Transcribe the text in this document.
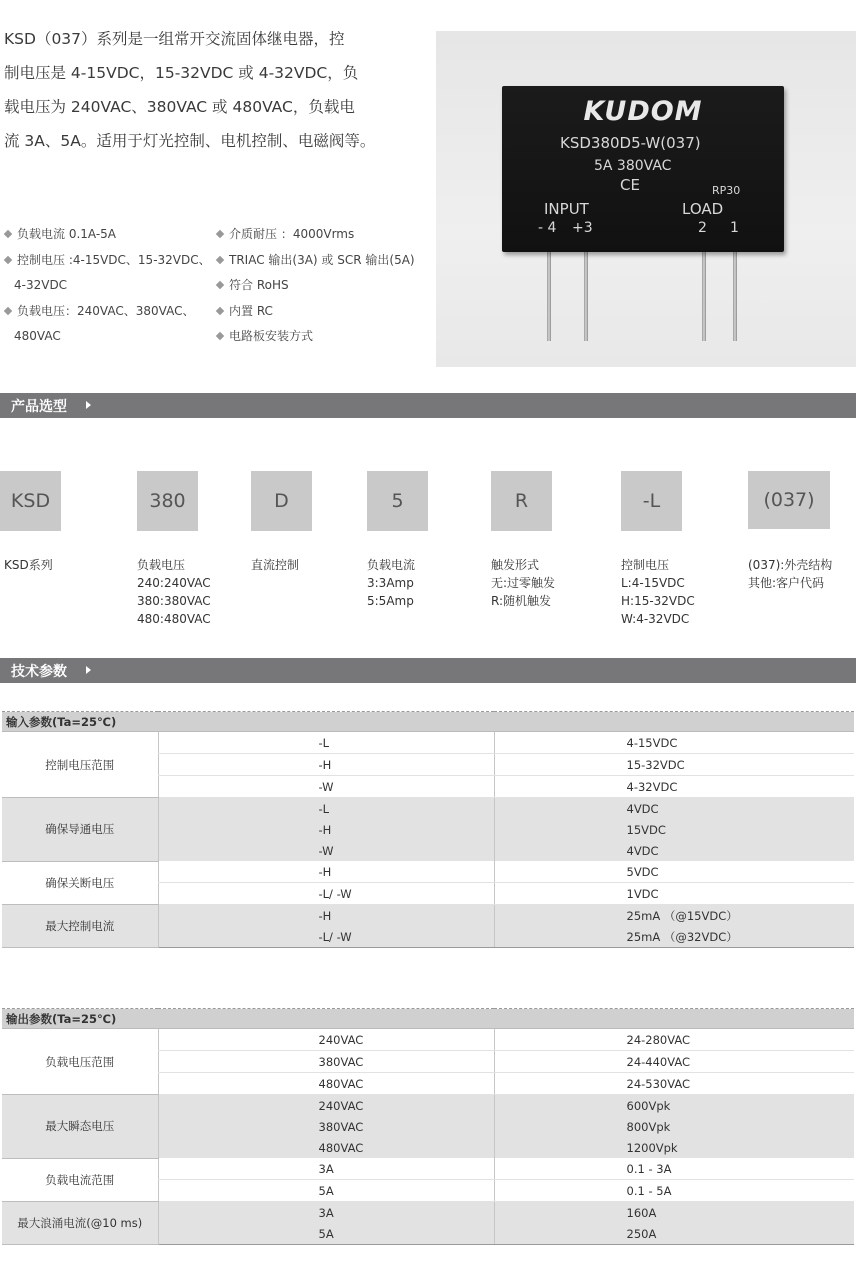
KSD（037）系列是一组常开交流固体继电器，控
制电压是 4-15VDC，15-32VDC 或 4-32VDC，负
载电压为 240VAC、380VAC 或 480VAC，负载电
流 3A、5A。适用于灯光控制、电机控制、电磁阀等。
负载电流 0.1A-5A
控制电压 :4-15VDC、15-32VDC、
4-32VDC
负载电压：240VAC、380VAC、
480VAC
介质耐压 ：4000Vrms
TRIAC 输出(3A) 或 SCR 输出(5A)
符合 RoHS
内置 RC
电路板安装方式
KUDOM
KSD380D5-W(037)
5A 380VAC
CE	RP30
INPUT	LOAD
- 4 +3	2 1
产品选型
KSD	380	D	5	R	-L	(037)
KSD系列	负载电压
240:240VAC
380:380VAC
480:480VAC
直流控制	负载电流
3:3Amp
5:5Amp
触发形式
无:过零触发
R:随机触发
控制电压
L:4-15VDC
H:15-32VDC
W:4-32VDC
(037):外壳结构
其他:客户代码
技术参数
输入参数(Ta=25℃)		
控制电压范围	-L	4-15VDC
	-H	15-32VDC
	-W	4-32VDC
确保导通电压	-L	4VDC
	-H	15VDC
	-W	4VDC
确保关断电压	-H	5VDC
	-L/ -W	1VDC
最大控制电流	-H	25mA （@15VDC）
	-L/ -W	25mA （@32VDC）
输出参数(Ta=25℃)		
负载电压范围	240VAC	24-280VAC
	380VAC	24-440VAC
	480VAC	24-530VAC
最大瞬态电压	240VAC	600Vpk
	380VAC	800Vpk
	480VAC	1200Vpk
负载电流范围	3A	0.1 - 3A
	5A	0.1 - 5A
最大浪涌电流(@10 ms)	3A	160A
	5A	250A
